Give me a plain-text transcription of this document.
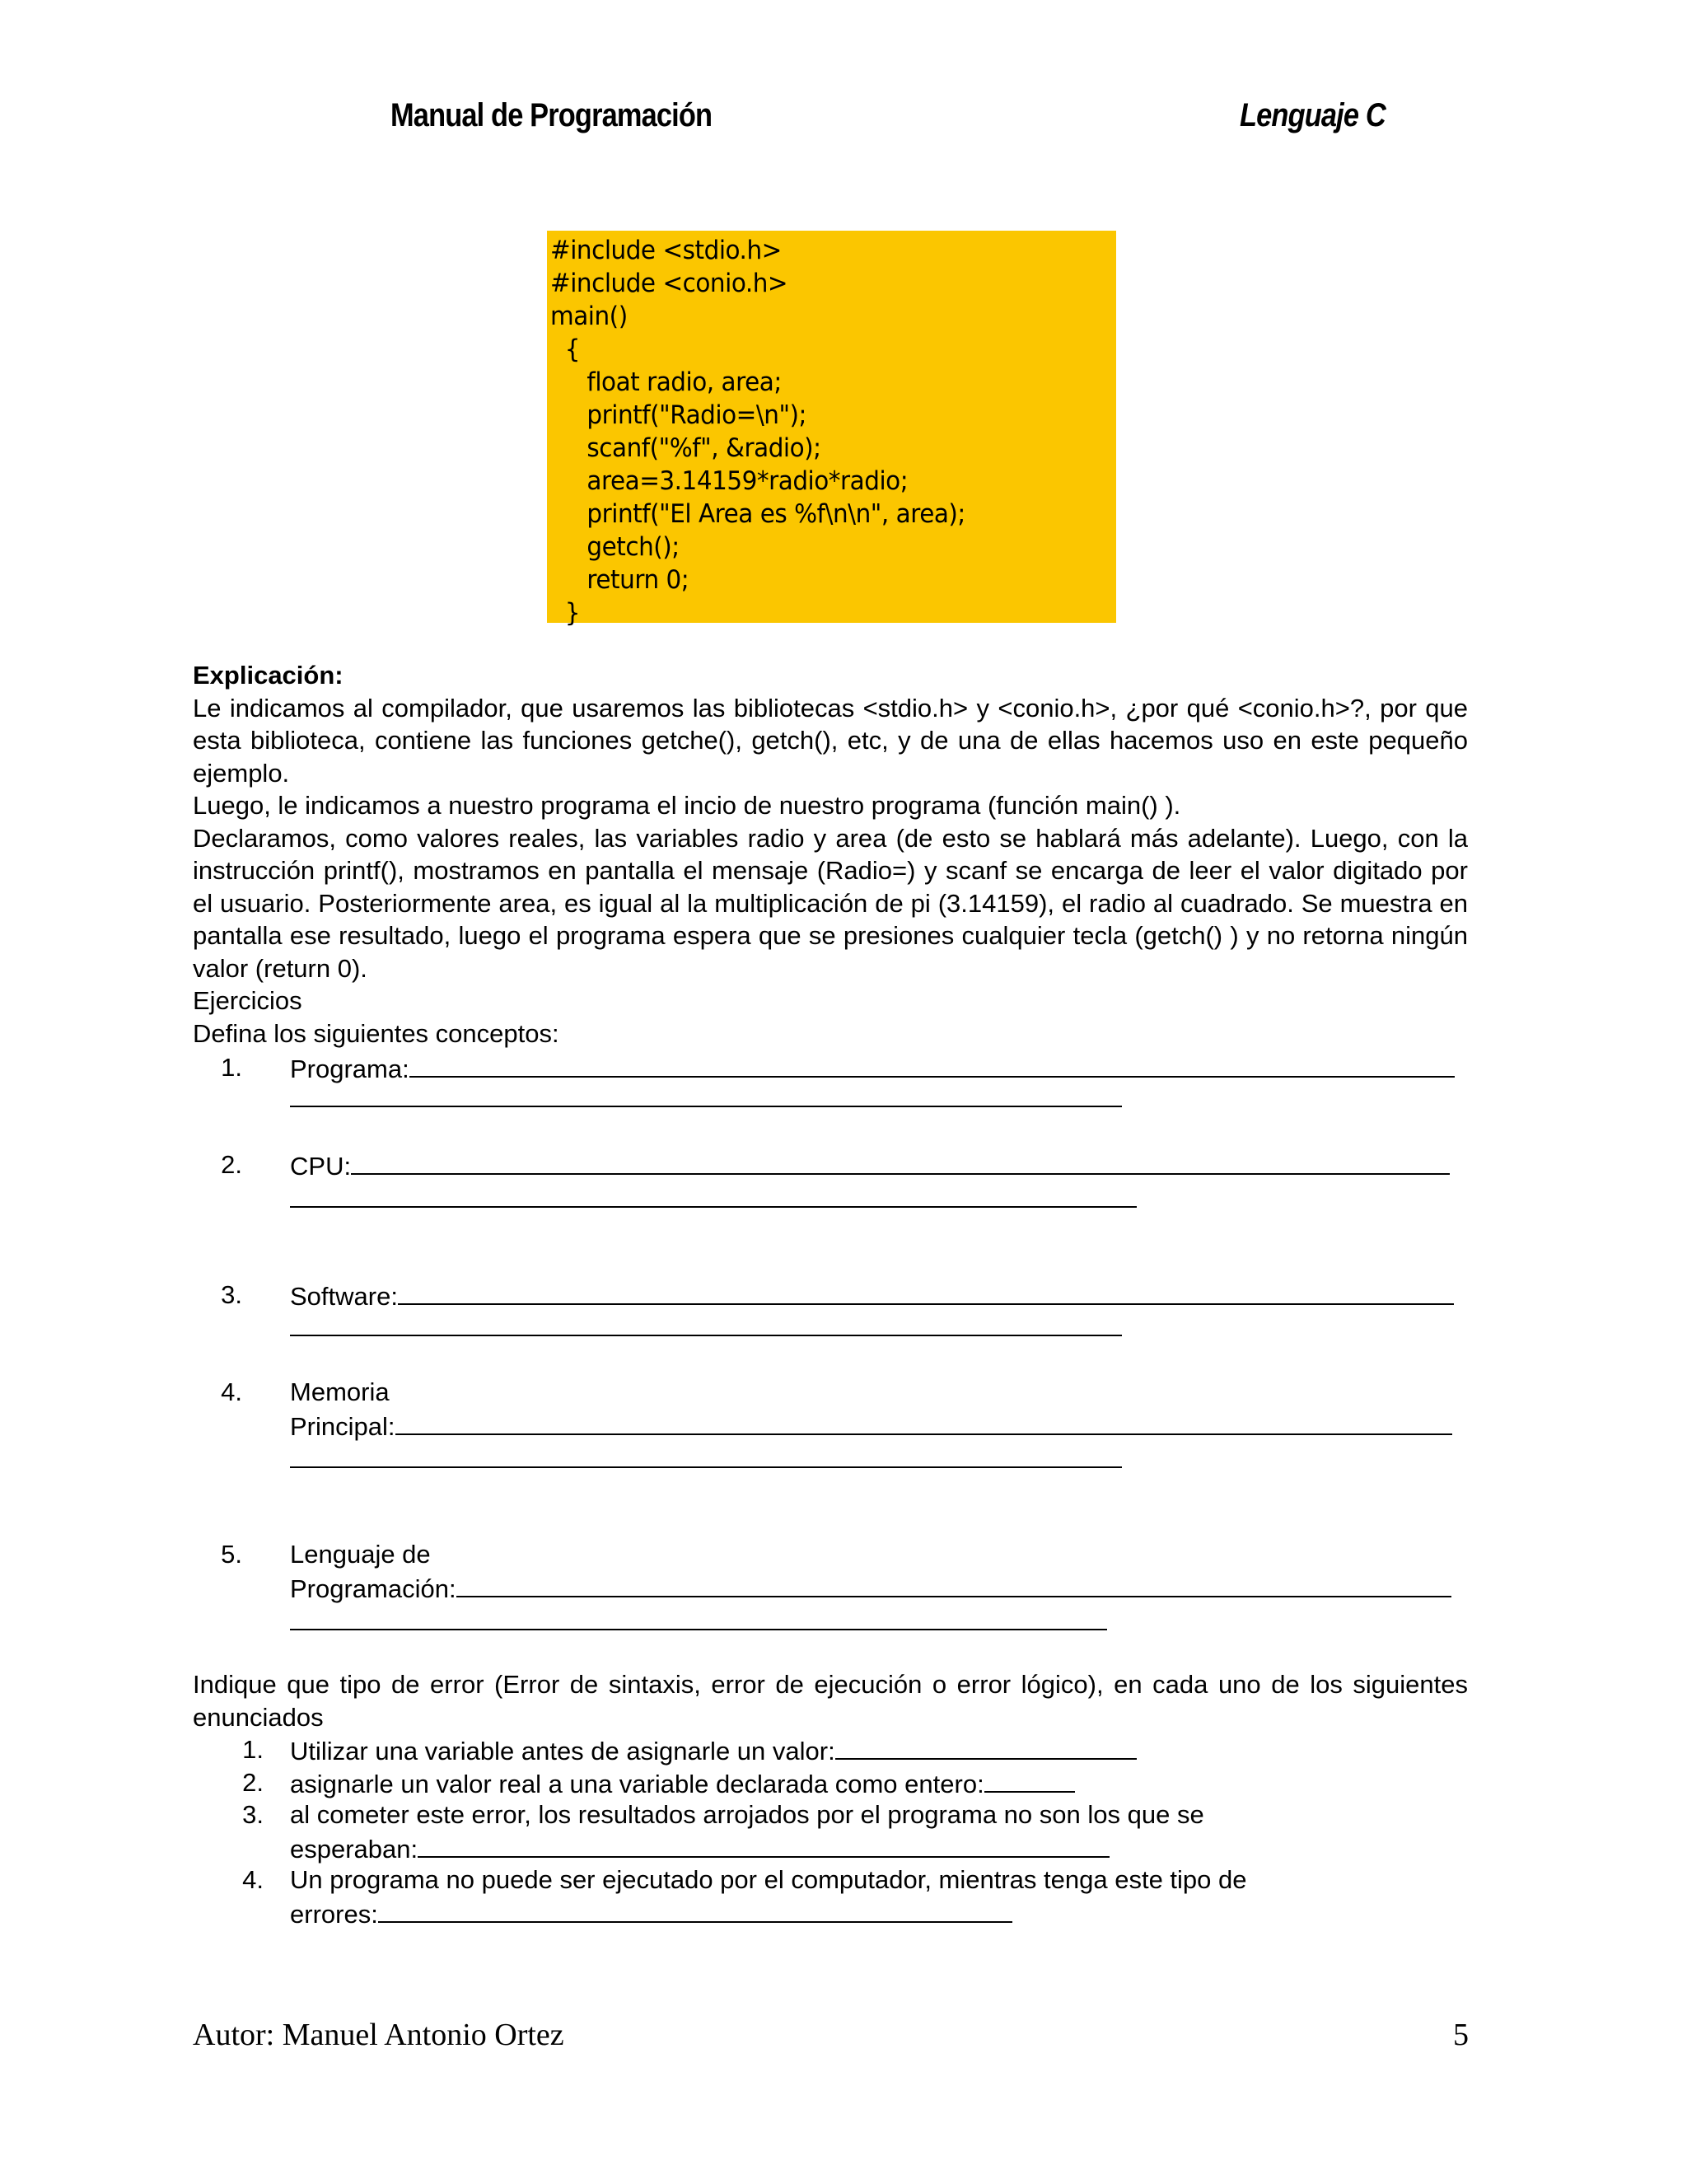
Manual de Programación	Lenguaje C
#include <stdio.h>
#include <conio.h>
main()
{
float radio, area;
printf("Radio=\n");
scanf("%f", &radio);
area=3.14159*radio*radio;
printf("El Area es %f\n\n", area);
getch();
return 0;
}

Explicación:

Le indicamos al compilador, que usaremos las bibliotecas <stdio.h> y <conio.h>, ¿por qué <conio.h>?, por que esta biblioteca, contiene las funciones getche(), getch(), etc, y de una de ellas hacemos uso en este pequeño ejemplo.

Luego, le indicamos a nuestro programa el incio de nuestro programa (función main() ).

Declaramos, como valores reales, las variables radio y area (de esto se hablará más adelante). Luego, con la instrucción printf(), mostramos en pantalla el mensaje (Radio=) y scanf se encarga de leer el valor digitado por el usuario. Posteriormente area, es igual al la multiplicación de pi (3.14159), el radio al cuadrado. Se muestra en pantalla ese resultado, luego el programa espera que se presiones cualquier tecla (getch() ) y no retorna ningún valor (return 0).

Ejercicios

Defina los siguientes conceptos:

1. Programa:
2. CPU:
3. Software:
4. Memoria
Principal:
5. Lenguaje de
Programación:

Indique que tipo de error (Error de sintaxis, error de ejecución o error lógico), en cada uno de los siguientes enunciados

1. Utilizar una variable antes de asignarle un valor:
2. asignarle un valor real a una variable declarada como entero:
3. al cometer este error, los resultados arrojados por el programa no son los que se
esperaban:
4. Un programa no puede ser ejecutado por el computador, mientras tenga este tipo de
errores:
Autor: Manuel Antonio Ortez	5
